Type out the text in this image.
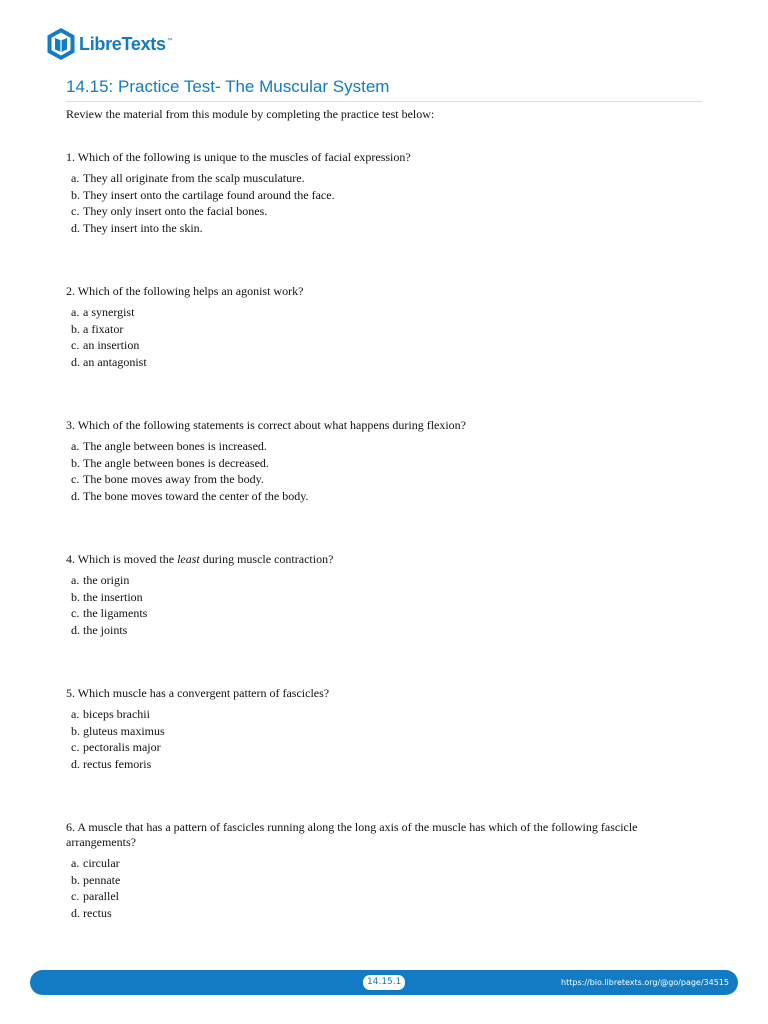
LibreTexts ™
14.15: Practice Test- The Muscular System
Review the material from this module by completing the practice test below:
1. Which of the following is unique to the muscles of facial expression?
a. They all originate from the scalp musculature.
b. They insert onto the cartilage found around the face.
c. They only insert onto the facial bones.
d. They insert into the skin.
2. Which of the following helps an agonist work?
a. a synergist
b. a fixator
c. an insertion
d. an antagonist
3. Which of the following statements is correct about what happens during flexion?
a. The angle between bones is increased.
b. The angle between bones is decreased.
c. The bone moves away from the body.
d. The bone moves toward the center of the body.
4. Which is moved the least during muscle contraction?
a. the origin
b. the insertion
c. the ligaments
d. the joints
5. Which muscle has a convergent pattern of fascicles?
a. biceps brachii
b. gluteus maximus
c. pectoralis major
d. rectus femoris
6. A muscle that has a pattern of fascicles running along the long axis of the muscle has which of the following fascicle arrangements?
a. circular
b. pennate
c. parallel
d. rectus
14.15.1	https://bio.libretexts.org/@go/page/34515
